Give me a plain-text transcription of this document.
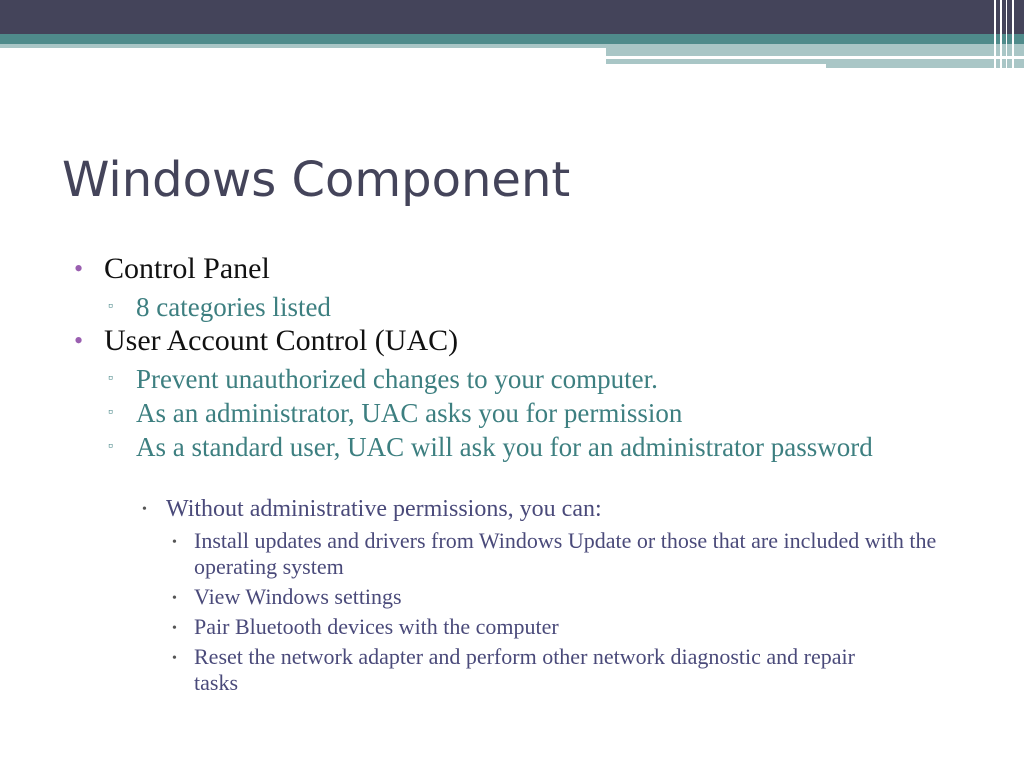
Windows Component
• Control Panel
▫ 8 categories listed
• User Account Control (UAC)
▫ Prevent unauthorized changes to your computer.
▫ As an administrator, UAC asks you for permission
▫ As a standard user, UAC will ask you for an administrator password
• Without administrative permissions, you can:
• Install updates and drivers from Windows Update or those that are included with the operating system
• View Windows settings
• Pair Bluetooth devices with the computer
• Reset the network adapter and perform other network diagnostic and repair tasks
